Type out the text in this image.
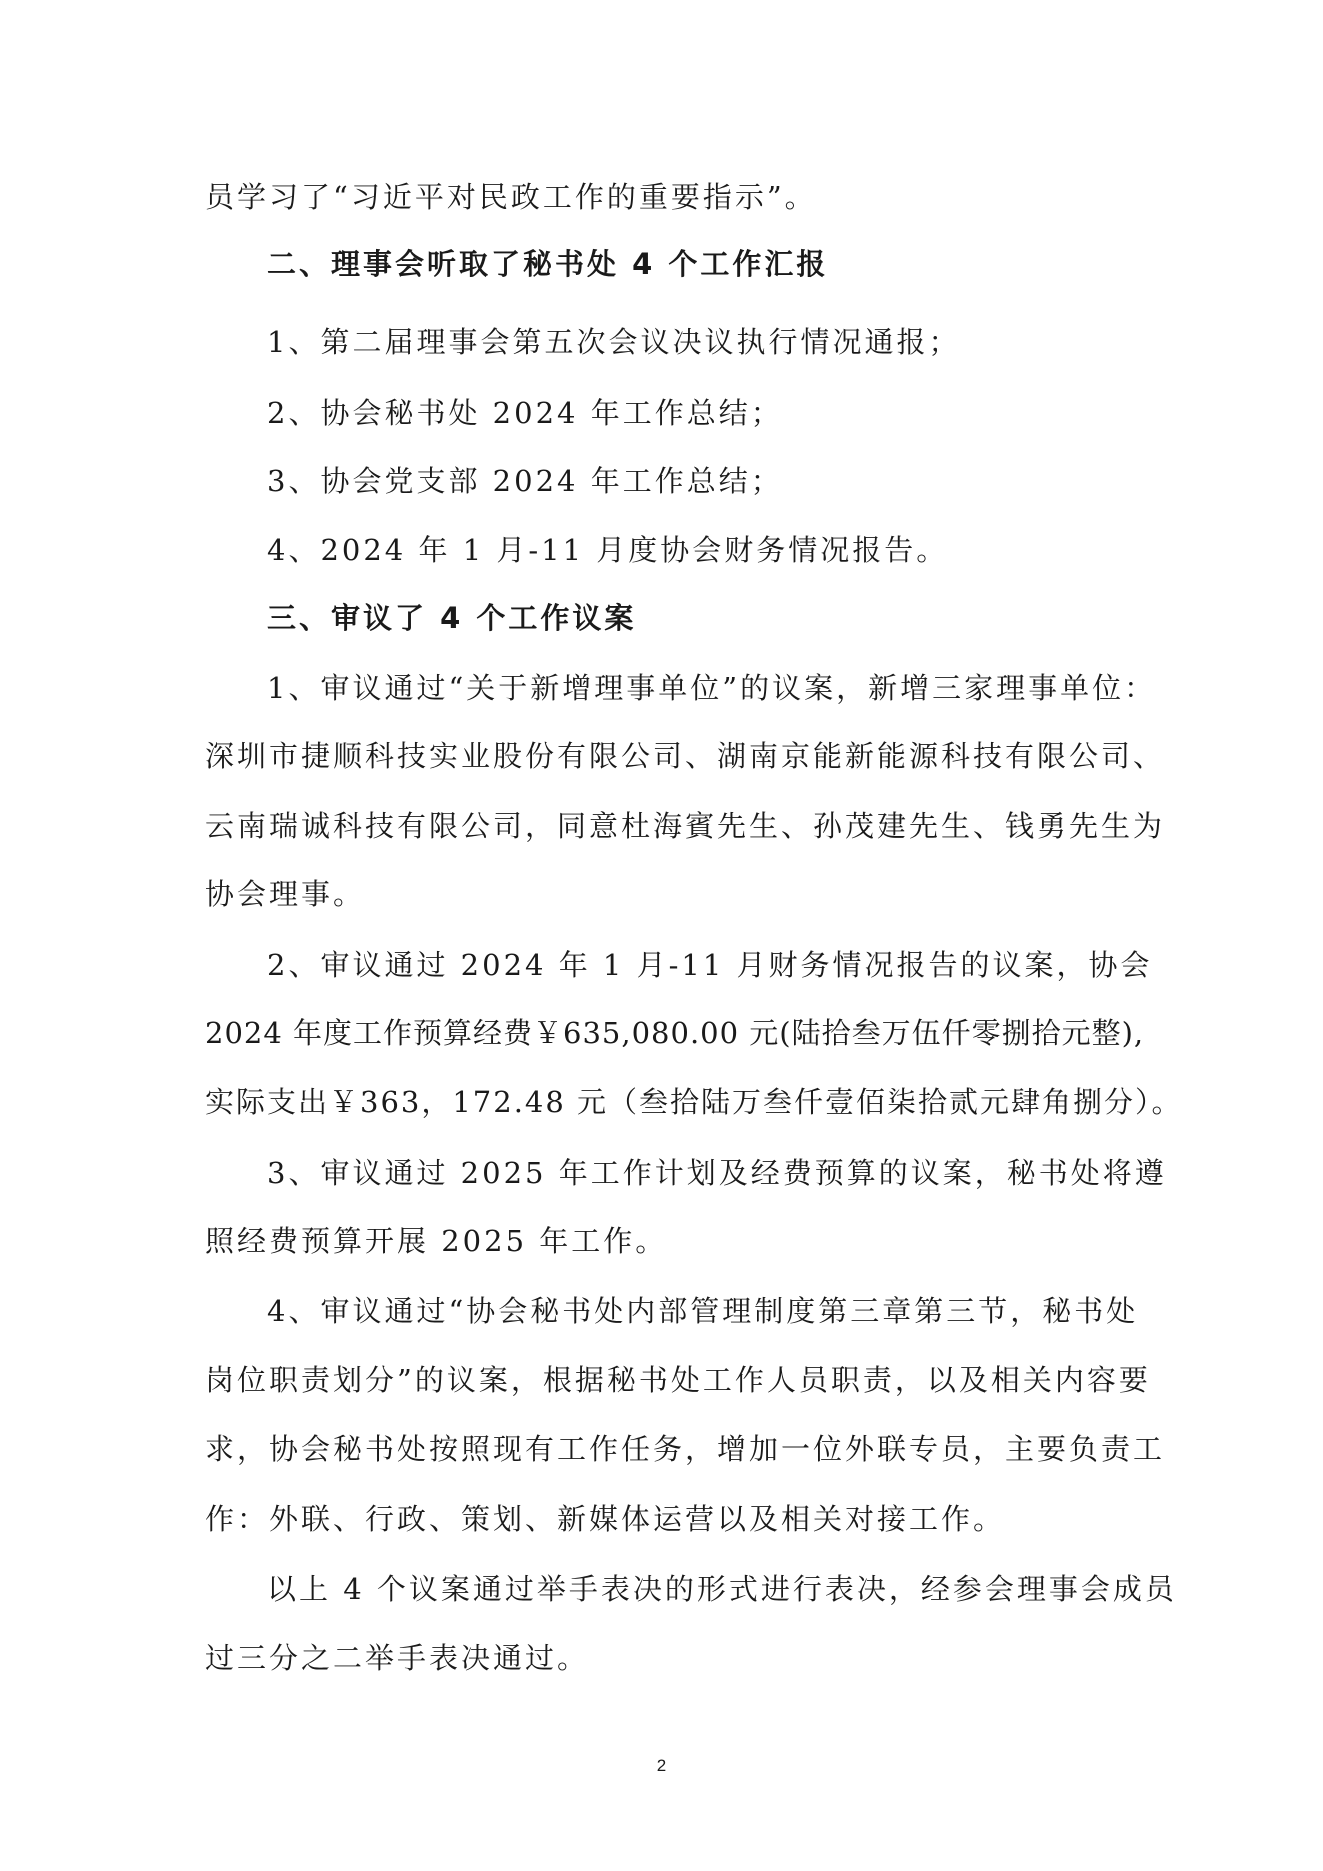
员学习了“习近平对民政工作的重要指示”。
二、理事会听取了秘书处 4 个工作汇报
1、第二届理事会第五次会议决议执行情况通报；
2、协会秘书处 2024 年工作总结；
3、协会党支部 2024 年工作总结；
4、2024 年 1 月-11 月度协会财务情况报告。
三、审议了 4 个工作议案
1、审议通过“关于新增理事单位”的议案，新增三家理事单位：
深圳市捷顺科技实业股份有限公司、湖南京能新能源科技有限公司、
云南瑞诚科技有限公司，同意杜海賓先生、孙茂建先生、钱勇先生为
协会理事。
2、审议通过 2024 年 1 月-11 月财务情况报告的议案，协会
2024 年度工作预算经费￥635,080.00 元(陆拾叁万伍仟零捌拾元整),
实际支出￥363，172.48 元（叁拾陆万叁仟壹佰柒拾贰元肆角捌分）。
3、审议通过 2025 年工作计划及经费预算的议案，秘书处将遵
照经费预算开展 2025 年工作。
4、审议通过“协会秘书处内部管理制度第三章第三节，秘书处
岗位职责划分”的议案，根据秘书处工作人员职责，以及相关内容要
求，协会秘书处按照现有工作任务，增加一位外联专员，主要负责工
作：外联、行政、策划、新媒体运营以及相关对接工作。
以上 4 个议案通过举手表决的形式进行表决，经参会理事会成员
过三分之二举手表决通过。
2
